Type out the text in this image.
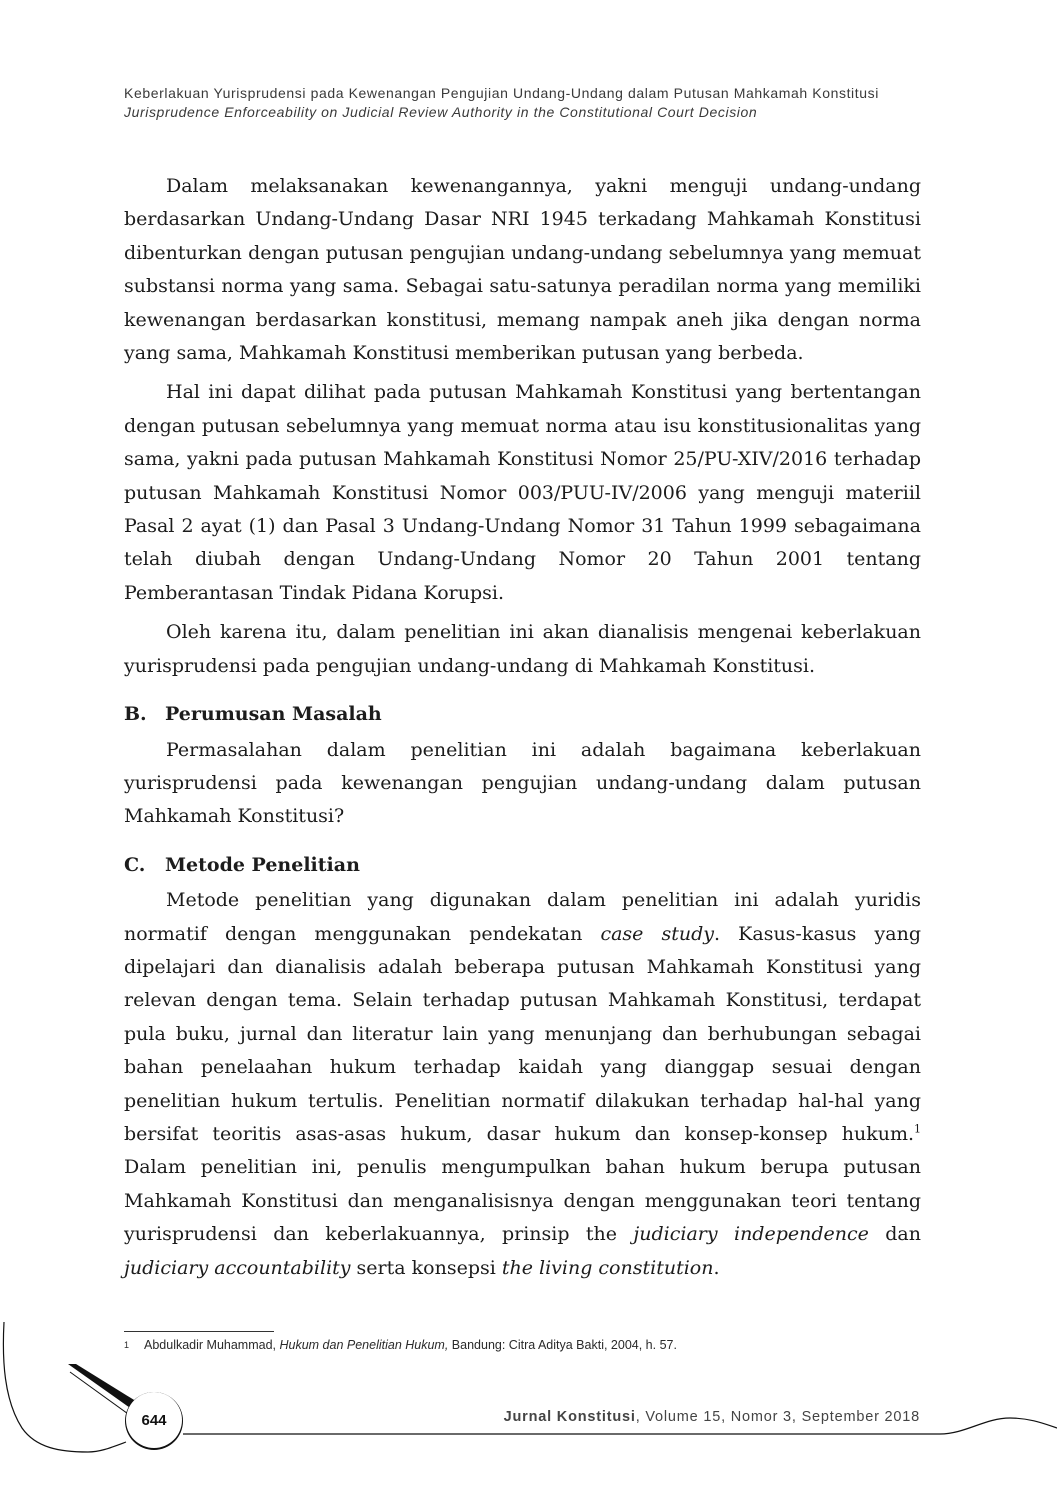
Keberlakuan Yurisprudensi pada Kewenangan Pengujian Undang-Undang dalam Putusan Mahkamah Konstitusi
Jurisprudence Enforceability on Judicial Review Authority in the Constitutional Court Decision

Dalam melaksanakan kewenangannya, yakni menguji undang-undang berdasarkan Undang-Undang Dasar NRI 1945 terkadang Mahkamah Konstitusi dibenturkan dengan putusan pengujian undang-undang sebelumnya yang memuat substansi norma yang sama. Sebagai satu-satunya peradilan norma yang memiliki kewenangan berdasarkan konstitusi, memang nampak aneh jika dengan norma yang sama, Mahkamah Konstitusi memberikan putusan yang berbeda.

Hal ini dapat dilihat pada putusan Mahkamah Konstitusi yang bertentangan dengan putusan sebelumnya yang memuat norma atau isu konstitusionalitas yang sama, yakni pada putusan Mahkamah Konstitusi Nomor 25/PU-XIV/2016 terhadap putusan Mahkamah Konstitusi Nomor 003/PUU-IV/2006 yang menguji materiil Pasal 2 ayat (1) dan Pasal 3 Undang-Undang Nomor 31 Tahun 1999 sebagaimana telah diubah dengan Undang-Undang Nomor 20 Tahun 2001 tentang Pemberantasan Tindak Pidana Korupsi.

Oleh karena itu, dalam penelitian ini akan dianalisis mengenai keberlakuan yurisprudensi pada pengujian undang-undang di Mahkamah Konstitusi.

B. Perumusan Masalah

Permasalahan dalam penelitian ini adalah bagaimana keberlakuan yurisprudensi pada kewenangan pengujian undang-undang dalam putusan Mahkamah Konstitusi?

C. Metode Penelitian

Metode penelitian yang digunakan dalam penelitian ini adalah yuridis normatif dengan menggunakan pendekatan case study. Kasus-kasus yang dipelajari dan dianalisis adalah beberapa putusan Mahkamah Konstitusi yang relevan dengan tema. Selain terhadap putusan Mahkamah Konstitusi, terdapat pula buku, jurnal dan literatur lain yang menunjang dan berhubungan sebagai bahan penelaahan hukum terhadap kaidah yang dianggap sesuai dengan penelitian hukum tertulis. Penelitian normatif dilakukan terhadap hal-hal yang bersifat teoritis asas-asas hukum, dasar hukum dan konsep-konsep hukum.$^1$ Dalam penelitian ini, penulis mengumpulkan bahan hukum berupa putusan Mahkamah Konstitusi dan menganalisisnya dengan menggunakan teori tentang yurisprudensi dan keberlakuannya, prinsip the judiciary independence dan judiciary accountability serta konsepsi the living constitution.

1 Abdulkadir Muhammad, Hukum dan Penelitian Hukum, Bandung: Citra Aditya Bakti, 2004, h. 57.
644	Jurnal Konstitusi, Volume 15, Nomor 3, September 2018
